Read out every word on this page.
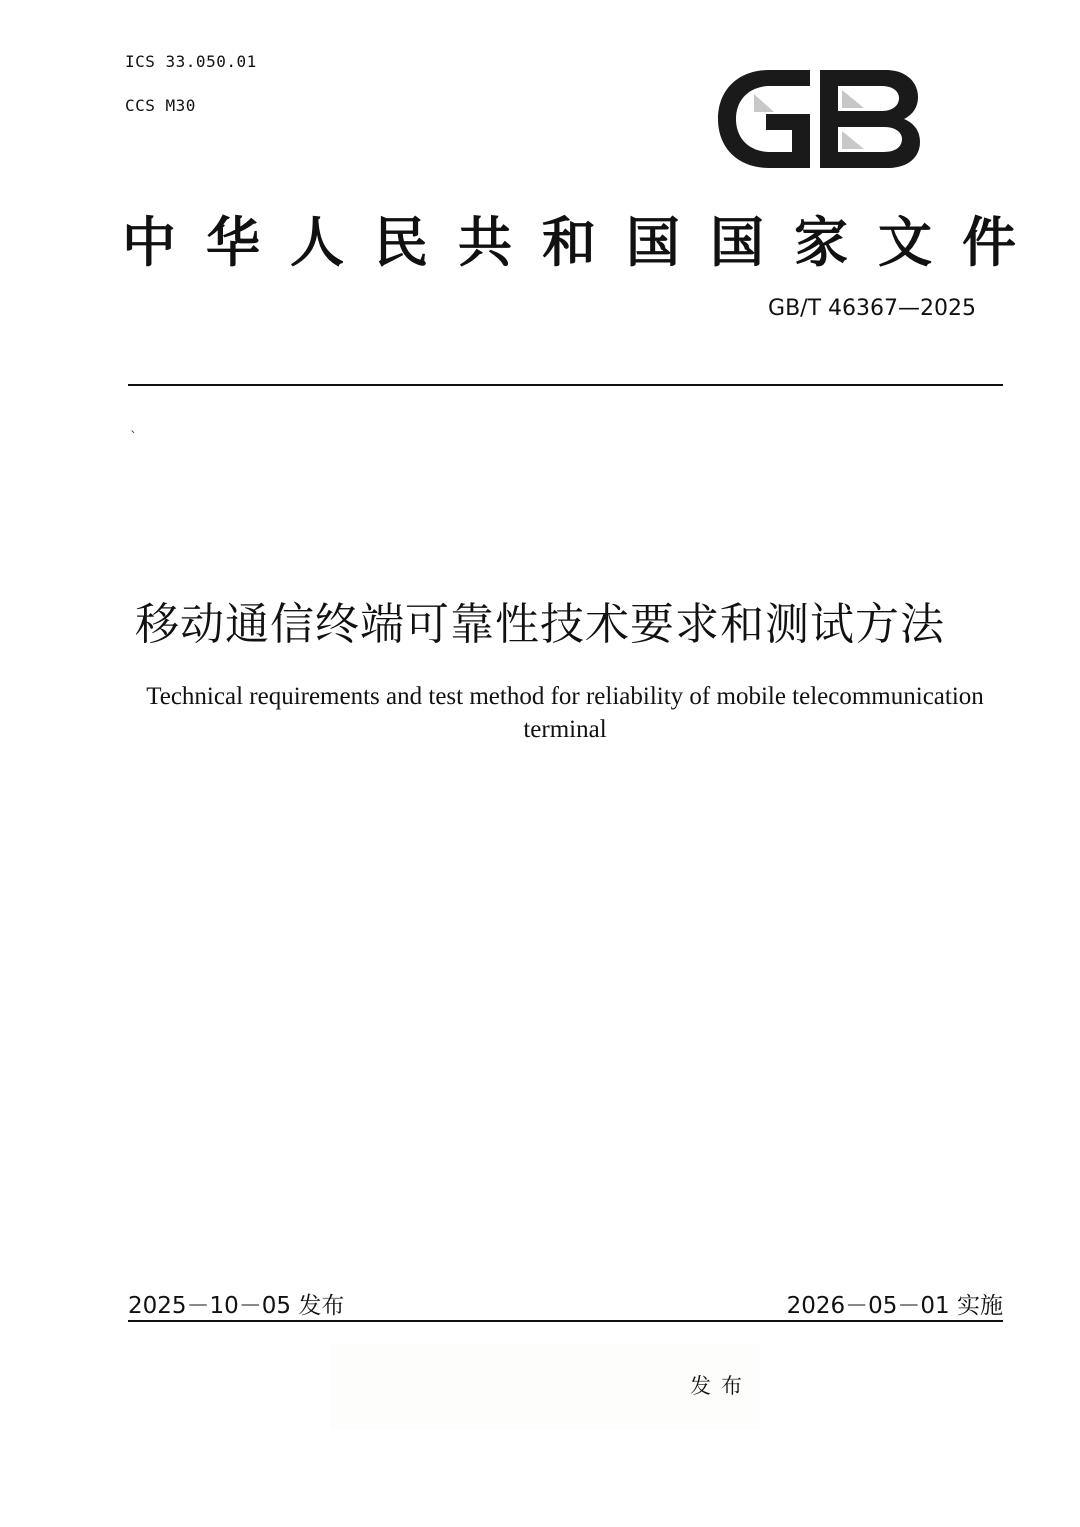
ICS 33.050.01
CCS M30
中华人民共和国国家文件
GB/T 46367—2025
`
移动通信终端可靠性技术要求和测试方法
Technical requirements and test method for reliability of mobile telecommunication terminal
2025－10－05 发布	2026－05－01 实施
发布
